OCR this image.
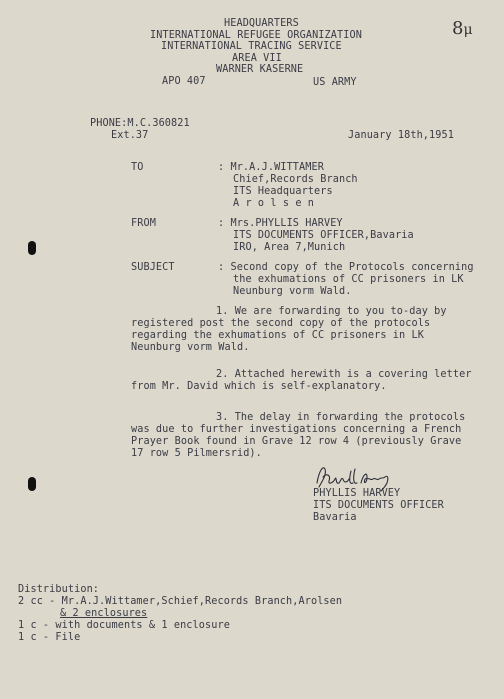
8μ
HEADQUARTERS
INTERNATIONAL REFUGEE ORGANIZATION
INTERNATIONAL TRACING SERVICE
AREA VII
WARNER KASERNE
APO 407	US ARMY
PHONE:M.C.360821
Ext.37	January 18th,1951
TO	: Mr.A.J.WITTAMER
Chief,Records Branch
ITS Headquarters
A r o l s e n
FROM	: Mrs.PHYLLIS HARVEY
ITS DOCUMENTS OFFICER,Bavaria
IRO, Area 7,Munich
SUBJECT	: Second copy of the Protocols concerning
the exhumations of CC prisoners in LK
Neunburg vorm Wald.
1. We are forwarding to you to-day by
registered post the second copy of the protocols
regarding the exhumations of CC prisoners in LK
Neunburg vorm Wald.
2. Attached herewith is a covering letter
from Mr. David which is self-explanatory.
3. The delay in forwarding the protocols
was due to further investigations concerning a French
Prayer Book found in Grave 12 row 4 (previously Grave
17 row 5 Pilmersrid).
PHYLLIS HARVEY
ITS DOCUMENTS OFFICER
Bavaria
Distribution:
2 cc - Mr.A.J.Wittamer,Schief,Records Branch,Arolsen
& 2 enclosures
1 c - with documents & 1 enclosure
1 c - File
